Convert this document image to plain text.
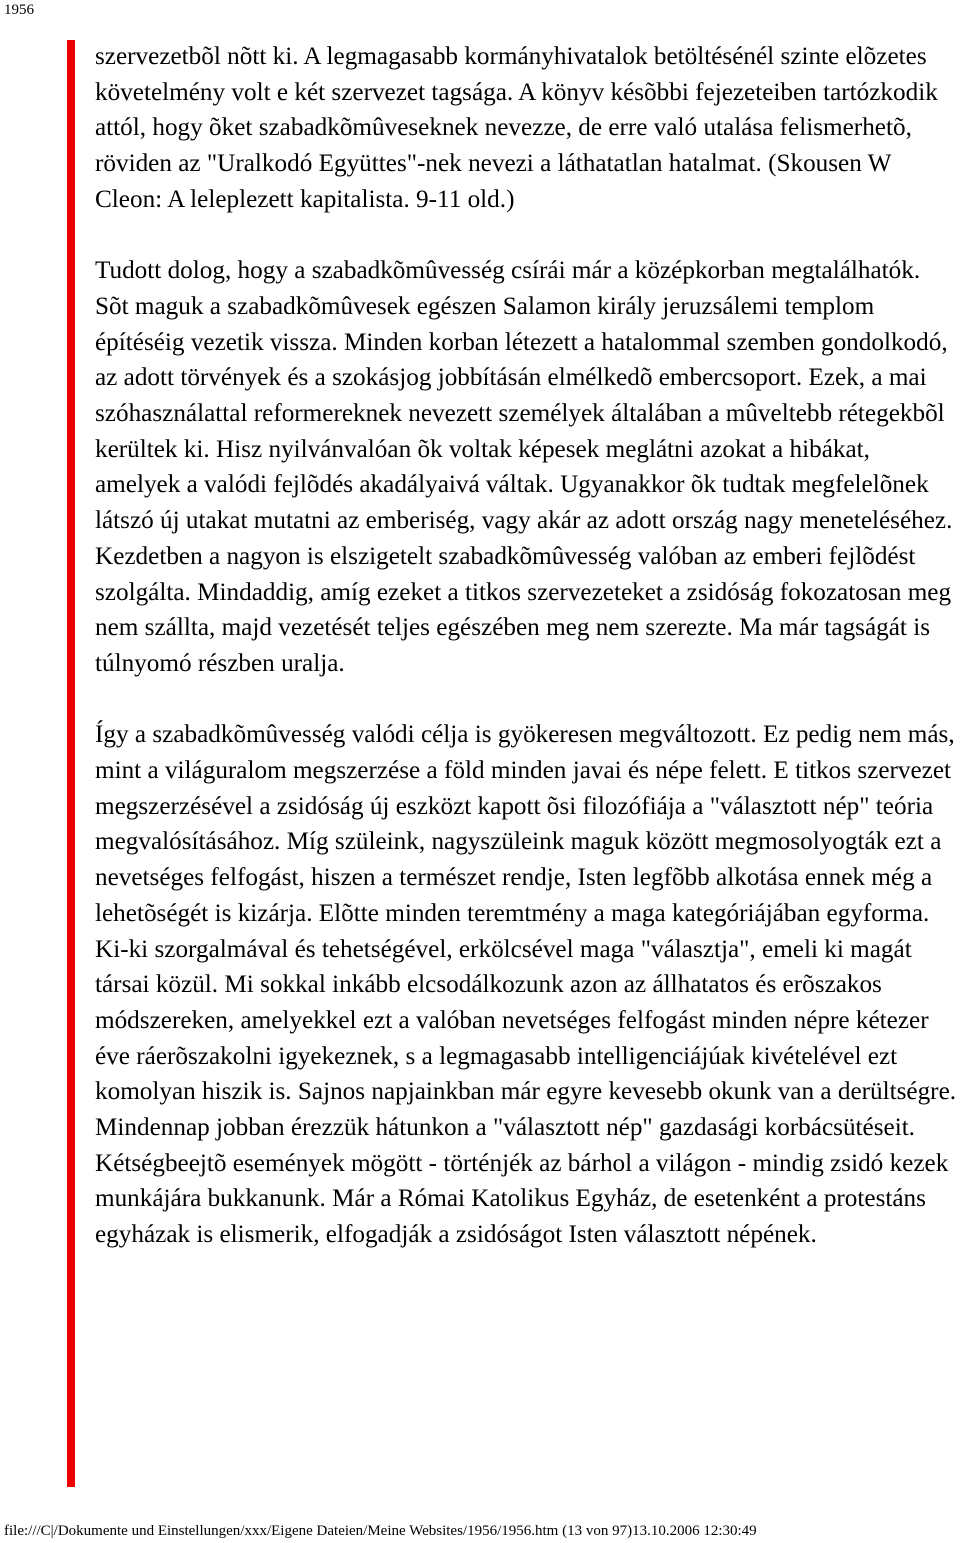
1956

szervezetbõl nõtt ki. A legmagasabb kormányhivatalok betöltésénél szinte elõzetes követelmény volt e két szervezet tagsága. A könyv késõbbi fejezeteiben tartózkodik attól, hogy õket szabadkõmûveseknek nevezze, de erre való utalása felismerhetõ, röviden az "Uralkodó Együttes"-nek nevezi a láthatatlan hatalmat. (Skousen W Cleon: A leleplezett kapitalista. 9-11 old.)

Tudott dolog, hogy a szabadkõmûvesség csírái már a középkorban megtalálhatók. Sõt maguk a szabadkõmûvesek egészen Salamon király jeruzsálemi templom építéséig vezetik vissza. Minden korban létezett a hatalommal szemben gondolkodó, az adott törvények és a szokásjog jobbításán elmélkedõ embercsoport. Ezek, a mai szóhasználattal reformereknek nevezett személyek általában a mûveltebb rétegekbõl kerültek ki. Hisz nyilvánvalóan õk voltak képesek meglátni azokat a hibákat, amelyek a valódi fejlõdés akadályaivá váltak. Ugyanakkor õk tudtak megfelelõnek látszó új utakat mutatni az emberiség, vagy akár az adott ország nagy meneteléséhez. Kezdetben a nagyon is elszigetelt szabadkõmûvesség valóban az emberi fejlõdést szolgálta. Mindaddig, amíg ezeket a titkos szervezeteket a zsidóság fokozatosan meg nem szállta, majd vezetését teljes egészében meg nem szerezte. Ma már tagságát is túlnyomó részben uralja.

Így a szabadkõmûvesség valódi célja is gyökeresen megváltozott. Ez pedig nem más, mint a világuralom megszerzése a föld minden javai és népe felett. E titkos szervezet megszerzésével a zsidóság új eszközt kapott õsi filozófiája a "választott nép" teória megvalósításához. Míg szüleink, nagyszüleink maguk között megmosolyogták ezt a nevetséges felfogást, hiszen a természet rendje, Isten legfõbb alkotása ennek még a lehetõségét is kizárja. Elõtte minden teremtmény a maga kategóriájában egyforma. Ki-ki szorgalmával és tehetségével, erkölcsével maga "választja", emeli ki magát társai közül. Mi sokkal inkább elcsodálkozunk azon az állhatatos és erõszakos módszereken, amelyekkel ezt a valóban nevetséges felfogást minden népre kétezer éve ráerõszakolni igyekeznek, s a legmagasabb intelligenciájúak kivételével ezt komolyan hiszik is. Sajnos napjainkban már egyre kevesebb okunk van a derültségre. Mindennap jobban érezzük hátunkon a "választott nép" gazdasági korbácsütéseit. Kétségbeejtõ események mögött - történjék az bárhol a világon - mindig zsidó kezek munkájára bukkanunk. Már a Római Katolikus Egyház, de esetenként a protestáns egyházak is elismerik, elfogadják a zsidóságot Isten választott népének.

file:///C|/Dokumente und Einstellungen/xxx/Eigene Dateien/Meine Websites/1956/1956.htm (13 von 97)13.10.2006 12:30:49
